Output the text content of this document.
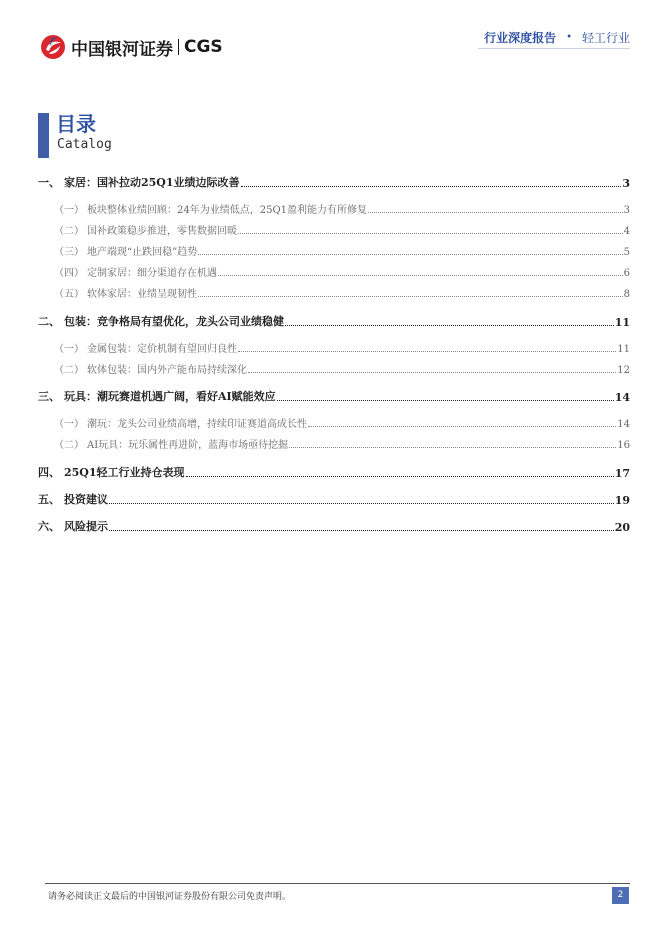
中国银河证券 CGS	行业深度报告 • 轻工行业
目录
Catalog
一、 家居：国补拉动25Q1业绩边际改善	3
（一） 板块整体业绩回顾：24年为业绩低点，25Q1盈利能力有所修复	3
（二） 国补政策稳步推进，零售数据回暖	4
（三） 地产端现“止跌回稳”趋势	5
（四） 定制家居：细分渠道存在机遇	6
（五） 软体家居：业绩呈现韧性	8
二、 包装：竞争格局有望优化，龙头公司业绩稳健	11
（一） 金属包装：定价机制有望回归良性	11
（二） 软体包装：国内外产能布局持续深化	12
三、 玩具：潮玩赛道机遇广阔，看好AI赋能效应	14
（一） 潮玩：龙头公司业绩高增，持续印证赛道高成长性	14
（二） AI玩具：玩乐属性再进阶，蓝海市场亟待挖掘	16
四、 25Q1轻工行业持仓表现	17
五、 投资建议	19
六、 风险提示	20
请务必阅读正文最后的中国银河证券股份有限公司免责声明。	2
